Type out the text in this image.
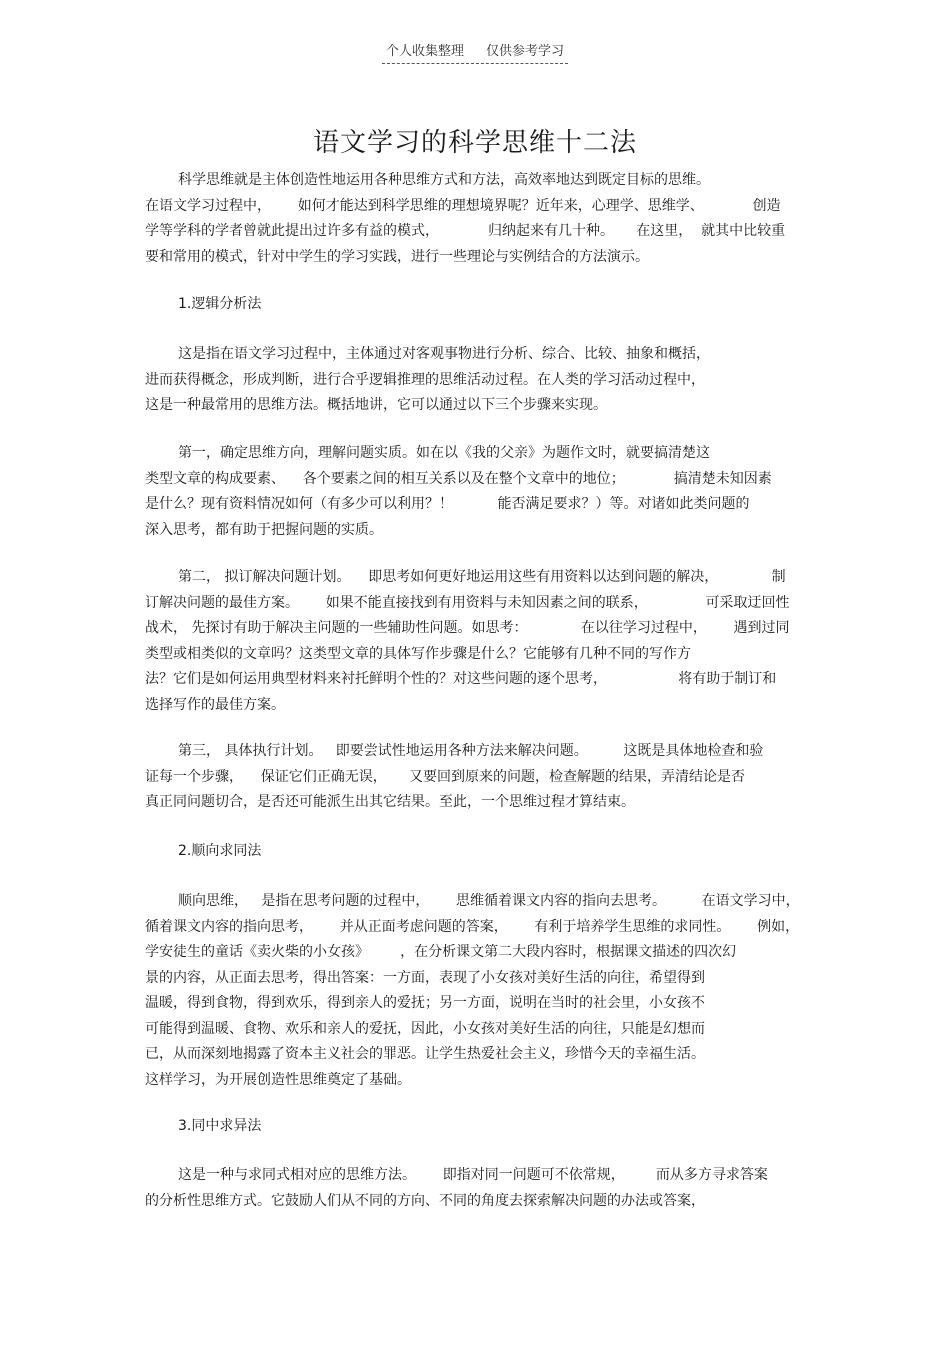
个人收集整理 仅供参考学习
语文学习的科学思维十二法
科学思维就是主体创造性地运用各种思维方式和方法，高效率地达到既定目标的思维。
在语文学习过程中，      如何才能达到科学思维的理想境界呢？近年来，心理学、思维学、           创造
学等学科的学者曾就此提出过许多有益的模式，           归纳起来有几十种。     在这里，  就其中比较重
要和常用的模式，针对中学生的学习实践，进行一些理论与实例结合的方法演示。
1.逻辑分析法
这是指在语文学习过程中，主体通过对客观事物进行分析、综合、比较、抽象和概括，
进而获得概念，形成判断，进行合乎逻辑推理的思维活动过程。在人类的学习活动过程中，
这是一种最常用的思维方法。概括地讲，它可以通过以下三个步骤来实现。
第一，确定思维方向，理解问题实质。如在以《我的父亲》为题作文时，就要搞清楚这
类型文章的构成要素、    各个要素之间的相互关系以及在整个文章中的地位；           搞清楚未知因素
是什么？现有资料情况如何（有多少可以利用？！          能否满足要求？）等。对诸如此类问题的
深入思考，都有助于把握问题的实质。
第二， 拟订解决问题计划。    即思考如何更好地运用这些有用资料以达到问题的解决，            制
订解决问题的最佳方案。      如果不能直接找到有用资料与未知因素之间的联系，             可采取迂回性
战术， 先探讨有助于解决主问题的一些辅助性问题。如思考：            在以往学习过程中，      遇到过同
类型或相类似的文章吗？这类型文章的具体写作步骤是什么？它能够有几种不同的写作方
法？它们是如何运用典型材料来衬托鲜明个性的？对这些问题的逐个思考，                将有助于制订和
选择写作的最佳方案。
第三， 具体执行计划。   即要尝试性地运用各种方法来解决问题。        这既是具体地检查和验
证每一个步骤，    保证它们正确无误，     又要回到原来的问题，检查解题的结果，弄清结论是否
真正同问题切合，是否还可能派生出其它结果。至此，一个思维过程才算结束。
2.顺向求同法
顺向思维，   是指在思考问题的过程中，      思维循着课文内容的指向去思考。        在语文学习中，
循着课文内容的指向思考，      并从正面考虑问题的答案，      有利于培养学生思维的求同性。      例如，
学安徒生的童话《卖火柴的小女孩》       ，在分析课文第二大段内容时，根据课文描述的四次幻
景的内容，从正面去思考，得出答案：一方面，表现了小女孩对美好生活的向往，希望得到
温暖，得到食物，得到欢乐，得到亲人的爱抚；另一方面，说明在当时的社会里，小女孩不
可能得到温暖、食物、欢乐和亲人的爱抚，因此，小女孩对美好生活的向往，只能是幻想而
已，从而深刻地揭露了资本主义社会的罪恶。让学生热爱社会主义，珍惜今天的幸福生活。
这样学习，为开展创造性思维奠定了基础。
3.同中求异法
这是一种与求同式相对应的思维方法。      即指对同一问题可不依常规，       而从多方寻求答案
的分析性思维方式。它鼓励人们从不同的方向、不同的角度去探索解决问题的办法或答案，
